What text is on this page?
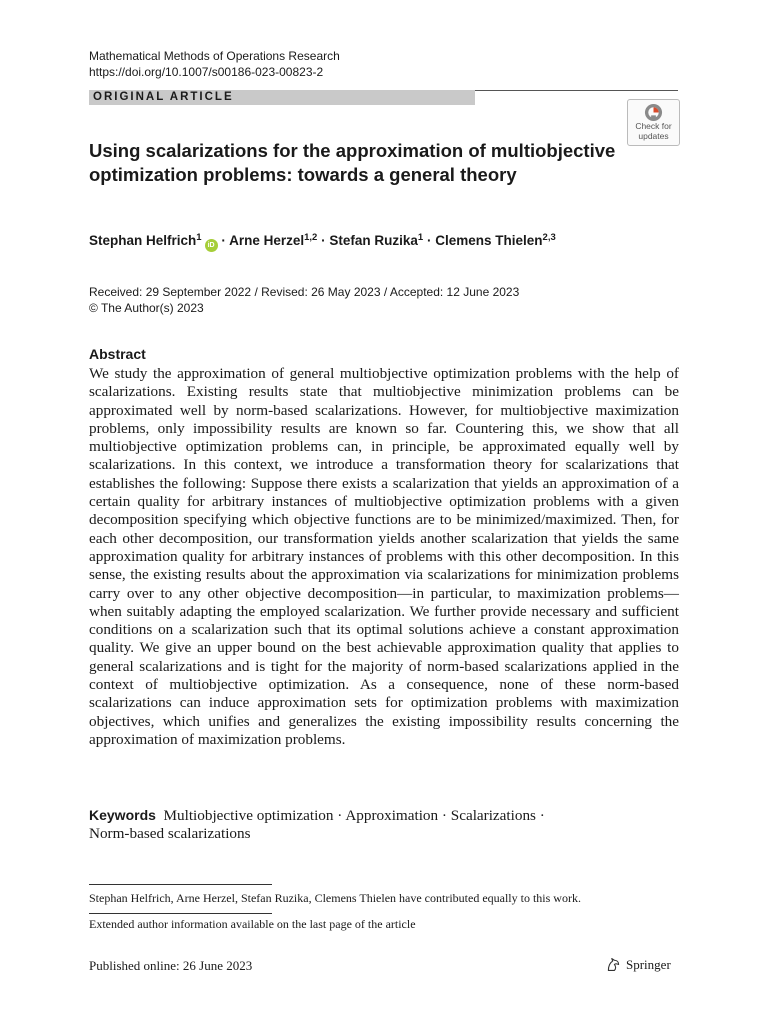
Mathematical Methods of Operations Research
https://doi.org/10.1007/s00186-023-00823-2
ORIGINAL ARTICLE
Check for
updates
Using scalarizations for the approximation of multiobjective optimization problems: towards a general theory
Stephan Helfrich$^1$iD · Arne Herzel$^{1,2}$ · Stefan Ruzika$^1$ · Clemens Thielen$^{2,3}$
Received: 29 September 2022 / Revised: 26 May 2023 / Accepted: 12 June 2023
© The Author(s) 2023
Abstract
We study the approximation of general multiobjective optimization problems with the help of scalarizations. Existing results state that multiobjective minimization problems can be approximated well by norm-based scalarizations. However, for multiobjective maximization problems, only impossibility results are known so far. Countering this, we show that all multiobjective optimization problems can, in principle, be approximated equally well by scalarizations. In this context, we introduce a transformation theory for scalarizations that establishes the following: Suppose there exists a scalarization that yields an approximation of a certain quality for arbitrary instances of multiobjective optimization problems with a given decomposition specifying which objective functions are to be minimized/maximized. Then, for each other decomposition, our transformation yields another scalarization that yields the same approximation quality for arbitrary instances of problems with this other decomposition. In this sense, the existing results about the approximation via scalarizations for minimization problems carry over to any other objective decomposition—in particular, to maximization problems—when suitably adapting the employed scalarization. We further provide necessary and sufficient conditions on a scalarization such that its optimal solutions achieve a constant approximation quality. We give an upper bound on the best achievable approximation quality that applies to general scalarizations and is tight for the majority of norm-based scalarizations applied in the context of multiobjective optimization. As a consequence, none of these norm-based scalarizations can induce approximation sets for optimization problems with maximization objectives, which unifies and generalizes the existing impossibility results concerning the approximation of maximization problems.
Keywords Multiobjective optimization · Approximation · Scalarizations ·
Norm-based scalarizations
Stephan Helfrich, Arne Herzel, Stefan Ruzika, Clemens Thielen have contributed equally to this work.
Extended author information available on the last page of the article
Published online: 26 June 2023	Springer
